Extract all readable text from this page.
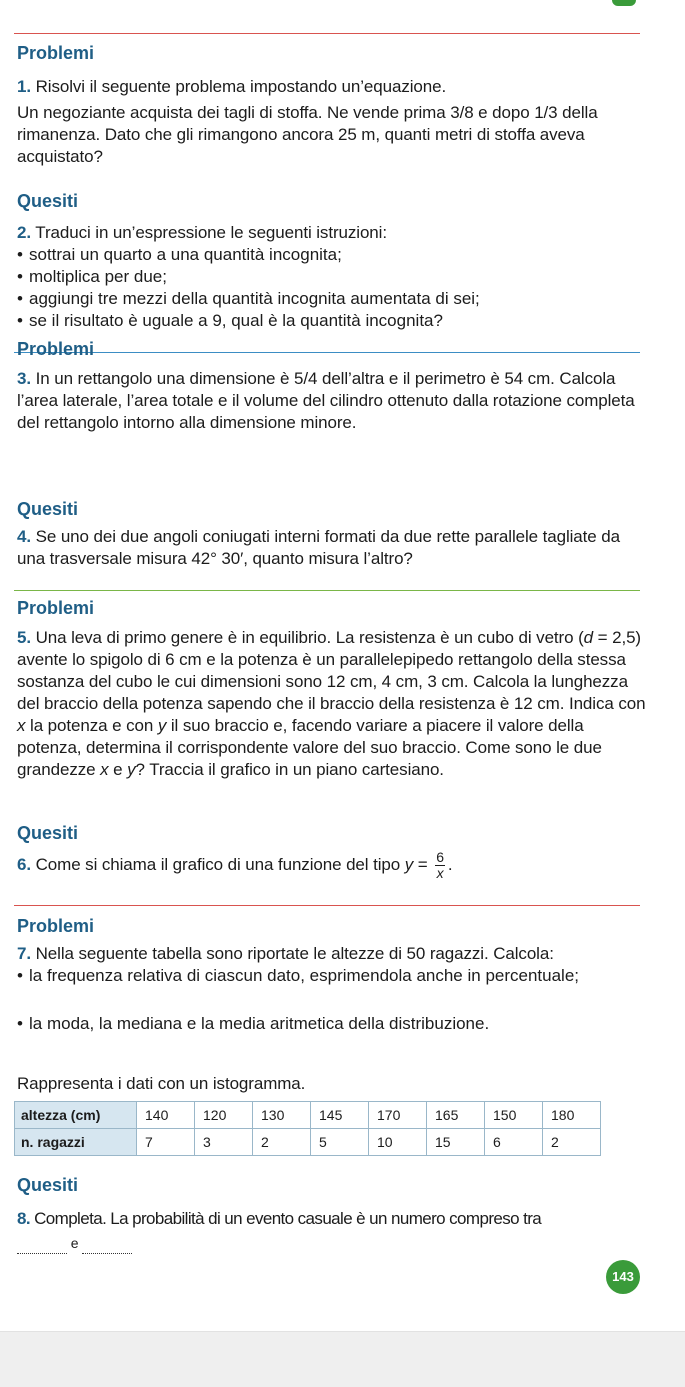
Problemi

1. Risolvi il seguente problema impostando un’equazione.

Un negoziante acquista dei tagli di stoffa. Ne vende prima 3/8 e dopo 1/3 della rimanenza. Dato che gli rimangono ancora 25 m, quanti metri di stoffa aveva acquistato?

Quesiti

2. Traduci in un’espressione le seguenti istruzioni:

• sottrai un quarto a una quantità incognita;

• moltiplica per due;

• aggiungi tre mezzi della quantità incognita aumentata di sei;

• se il risultato è uguale a 9, qual è la quantità incognita?

Problemi

3. In un rettangolo una dimensione è 5/4 dell’altra e il perimetro è 54 cm. Calcola l’area laterale, l’area totale e il volume del cilindro ottenuto dalla rotazione completa del rettangolo intorno alla dimensione minore.

Quesiti

4. Se uno dei due angoli coniugati interni formati da due rette parallele tagliate da una trasversale misura 42° 30′, quanto misura l’altro?

Problemi

5. Una leva di primo genere è in equilibrio. La resistenza è un cubo di vetro (d = 2,5) avente lo spigolo di 6 cm e la potenza è un parallelepipedo rettangolo della stessa sostanza del cubo le cui dimensioni sono 12 cm, 4 cm, 3 cm. Calcola la lunghezza del braccio della potenza sapendo che il braccio della resistenza è 12 cm. Indica con x la potenza e con y il suo braccio e, facendo variare a piacere il valore della potenza, determina il corrispondente valore del suo braccio. Come sono le due grandezze x e y? Traccia il grafico in un piano cartesiano.

Quesiti

6. Come si chiama il grafico di una funzione del tipo $y = \frac{6}{x}$ .

Problemi

7. Nella seguente tabella sono riportate le altezze di 50 ragazzi. Calcola:

• la frequenza relativa di ciascun dato, esprimendola anche in percentuale;

• la moda, la mediana e la media aritmetica della distribuzione.

Rappresenta i dati con un istogramma.

altezza (cm)	140	120	130	145	170	165	150	180
n. ragazzi	7	3	2	5	10	15	6	2

Quesiti

8. Completa. La probabilità di un evento casuale è un numero compreso tra

e

143
